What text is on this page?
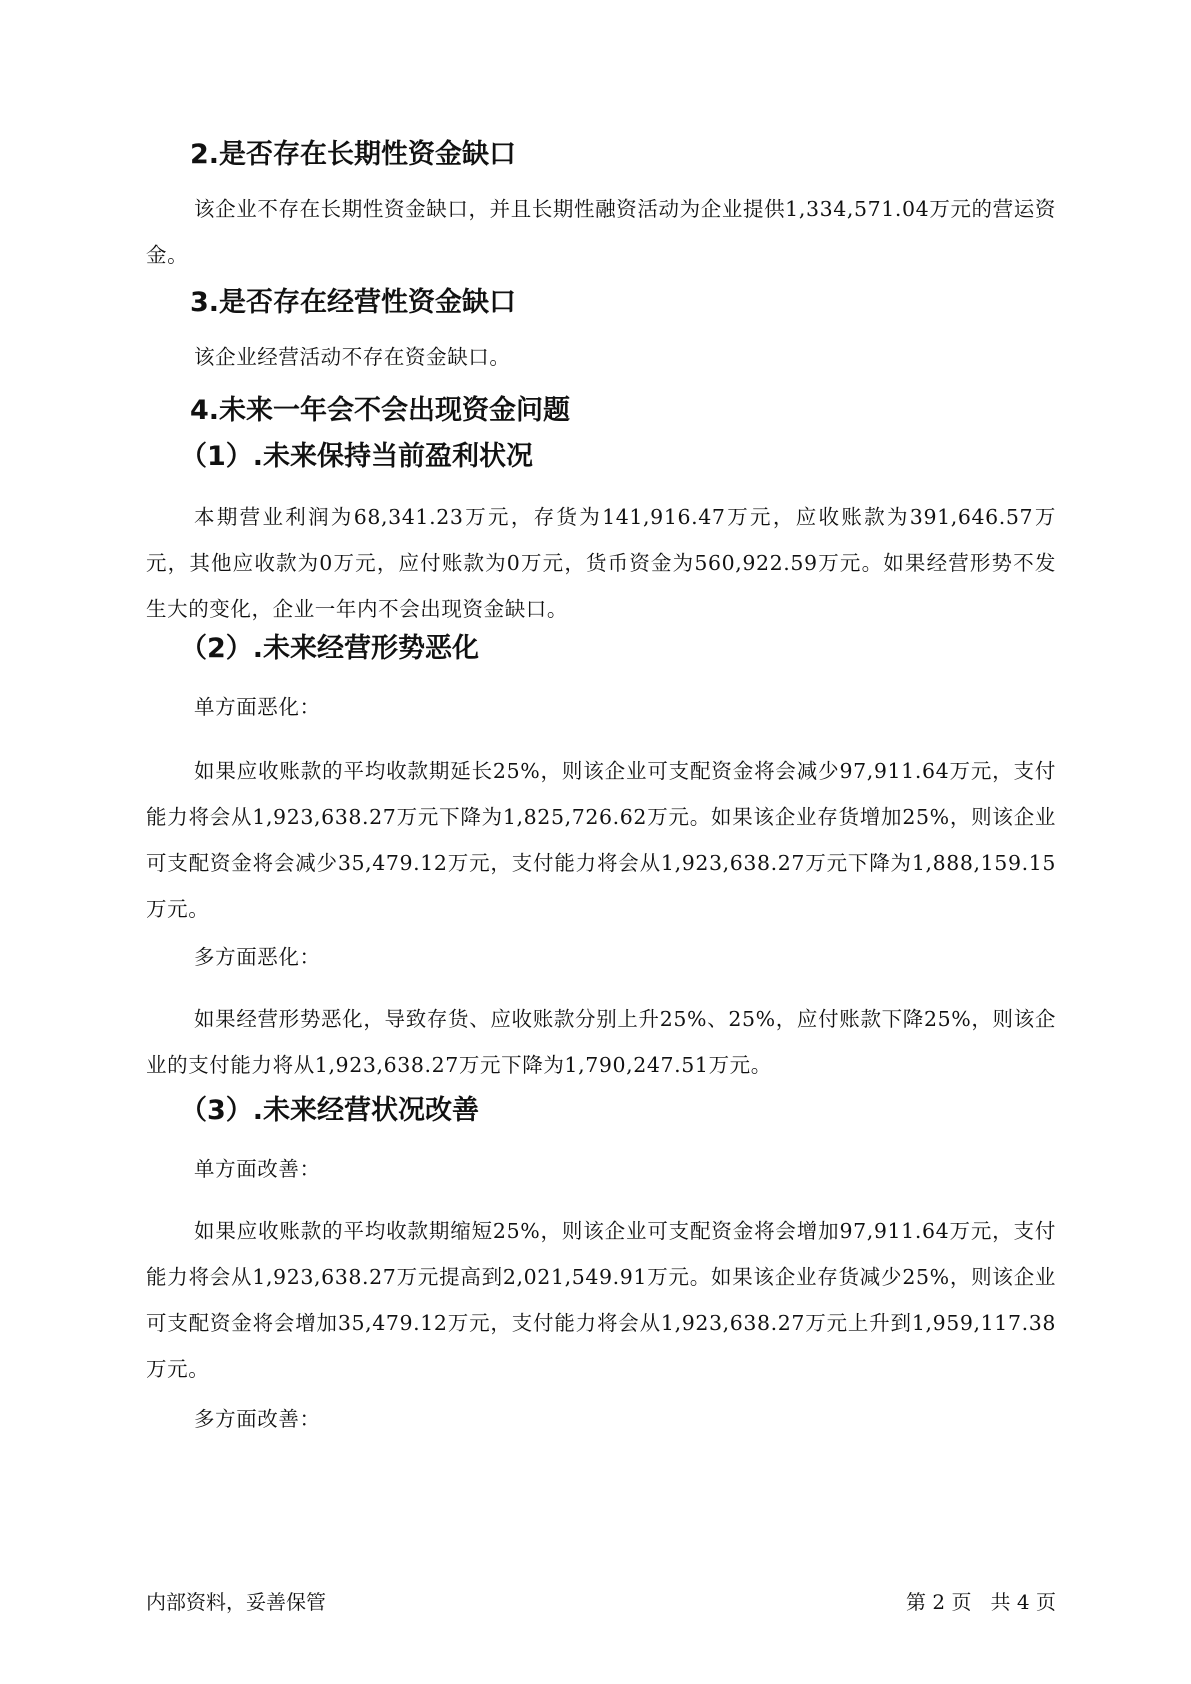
2.是否存在长期性资金缺口

该企业不存在长期性资金缺口，并且长期性融资活动为企业提供1,334,571.04万元的营运资金。

3.是否存在经营性资金缺口

该企业经营活动不存在资金缺口。

4.未来一年会不会出现资金问题
（1）.未来保持当前盈利状况

本期营业利润为68,341.23万元，存货为141,916.47万元，应收账款为391,646.57万元，其他应收款为0万元，应付账款为0万元，货币资金为560,922.59万元。如果经营形势不发生大的变化，企业一年内不会出现资金缺口。

（2）.未来经营形势恶化

单方面恶化：

如果应收账款的平均收款期延长25%，则该企业可支配资金将会减少97,911.64万元，支付能力将会从1,923,638.27万元下降为1,825,726.62万元。如果该企业存货增加25%，则该企业可支配资金将会减少35,479.12万元，支付能力将会从1,923,638.27万元下降为1,888,159.15万元。

多方面恶化：

如果经营形势恶化，导致存货、应收账款分别上升25%、25%，应付账款下降25%，则该企业的支付能力将从1,923,638.27万元下降为1,790,247.51万元。

（3）.未来经营状况改善

单方面改善：

如果应收账款的平均收款期缩短25%，则该企业可支配资金将会增加97,911.64万元，支付能力将会从1,923,638.27万元提高到2,021,549.91万元。如果该企业存货减少25%，则该企业可支配资金将会增加35,479.12万元，支付能力将会从1,923,638.27万元上升到1,959,117.38万元。

多方面改善：

内部资料，妥善保管	第 2 页   共 4 页
